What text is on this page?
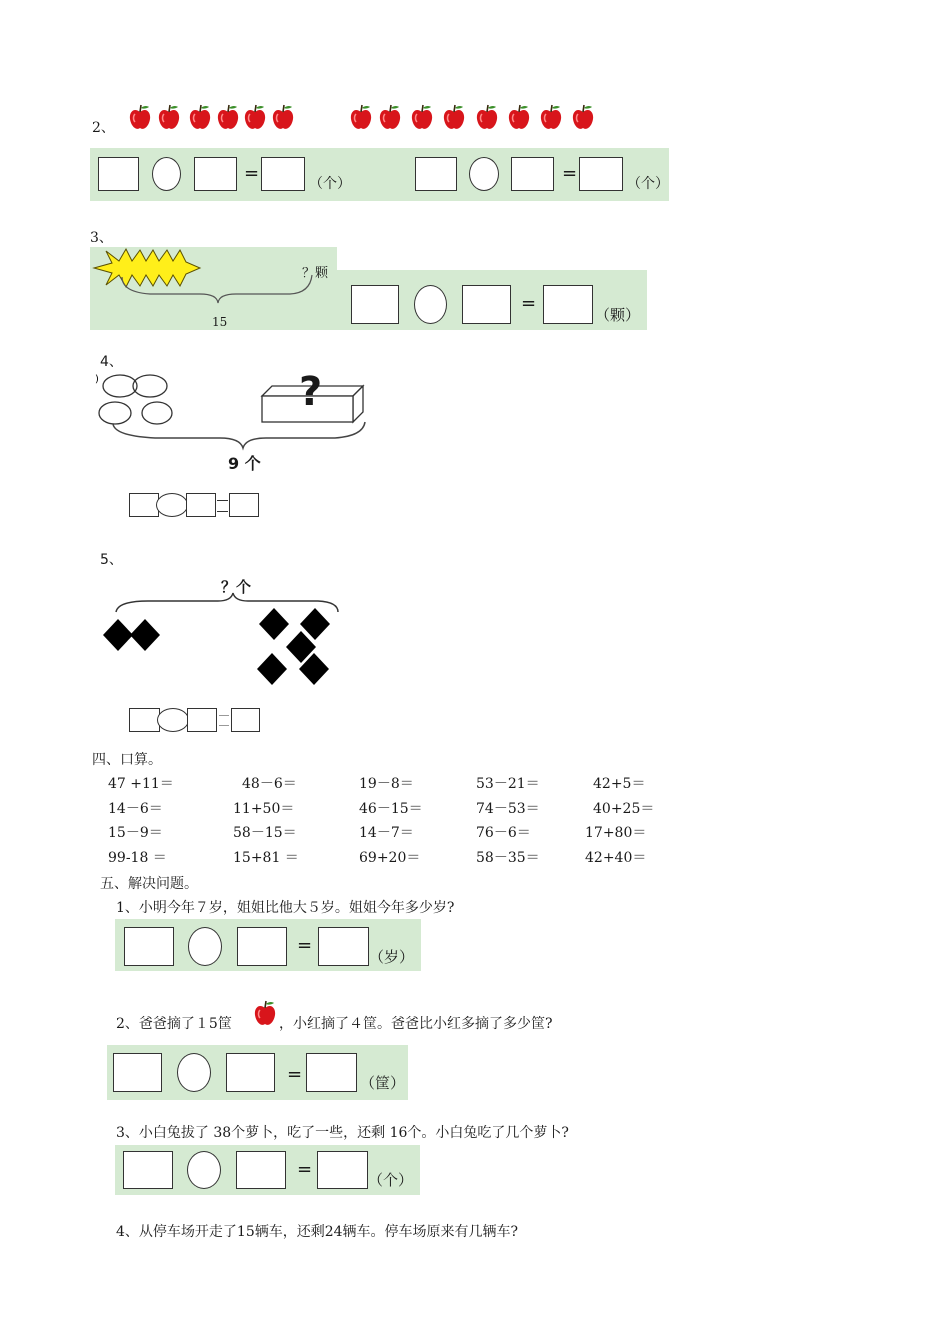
2、
=	（个）	=	（个）
3、
？颗
15
=
（颗）
4、
)	?
9 个
5、
？个
四、口算。
47 +11＝	48－6＝	19－8＝	53－21＝	42+5＝
14－6＝	11+50＝	46－15＝	74－53＝	40+25＝
15－9＝	58－15＝	14－7＝	76－6＝	17+80＝
99-18 ＝	15+81 ＝	69+20＝	58－35＝	42+40＝
五、解决问题。
1、小明今年７岁，姐姐比他大５岁。姐姐今年多少岁?
=
（岁）
2、爸爸摘了１5筐	，小红摘了４筐。爸爸比小红多摘了多少筐?
=	（筐）
3、小白兔拔了 38个萝卜，吃了一些，还剩 16个。小白兔吃了几个萝卜?
=	（个）
4、从停车场开走了15辆车，还剩24辆车。停车场原来有几辆车?
